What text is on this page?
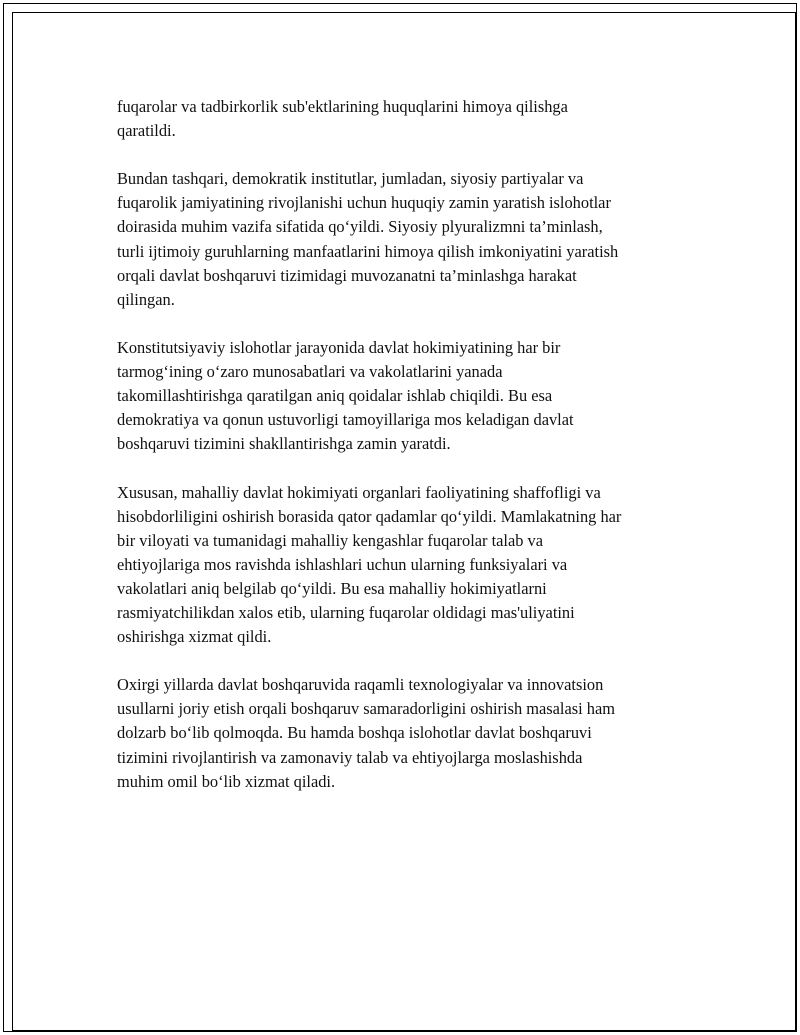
fuqarolar va tadbirkorlik sub'ektlarining huquqlarini himoya qilishga
qaratildi.

Bundan tashqari, demokratik institutlar, jumladan, siyosiy partiyalar va
fuqarolik jamiyatining rivojlanishi uchun huquqiy zamin yaratish islohotlar
doirasida muhim vazifa sifatida qo‘yildi. Siyosiy plyuralizmni ta’minlash,
turli ijtimoiy guruhlarning manfaatlarini himoya qilish imkoniyatini yaratish
orqali davlat boshqaruvi tizimidagi muvozanatni ta’minlashga harakat
qilingan.

Konstitutsiyaviy islohotlar jarayonida davlat hokimiyatining har bir
tarmog‘ining o‘zaro munosabatlari va vakolatlarini yanada
takomillashtirishga qaratilgan aniq qoidalar ishlab chiqildi. Bu esa
demokratiya va qonun ustuvorligi tamoyillariga mos keladigan davlat
boshqaruvi tizimini shakllantirishga zamin yaratdi.

Xususan, mahalliy davlat hokimiyati organlari faoliyatining shaffofligi va
hisobdorliligini oshirish borasida qator qadamlar qo‘yildi. Mamlakatning har
bir viloyati va tumanidagi mahalliy kengashlar fuqarolar talab va
ehtiyojlariga mos ravishda ishlashlari uchun ularning funksiyalari va
vakolatlari aniq belgilab qo‘yildi. Bu esa mahalliy hokimiyatlarni
rasmiyatchilikdan xalos etib, ularning fuqarolar oldidagi mas'uliyatini
oshirishga xizmat qildi.

Oxirgi yillarda davlat boshqaruvida raqamli texnologiyalar va innovatsion
usullarni joriy etish orqali boshqaruv samaradorligini oshirish masalasi ham
dolzarb bo‘lib qolmoqda. Bu hamda boshqa islohotlar davlat boshqaruvi
tizimini rivojlantirish va zamonaviy talab va ehtiyojlarga moslashishda
muhim omil bo‘lib xizmat qiladi.
